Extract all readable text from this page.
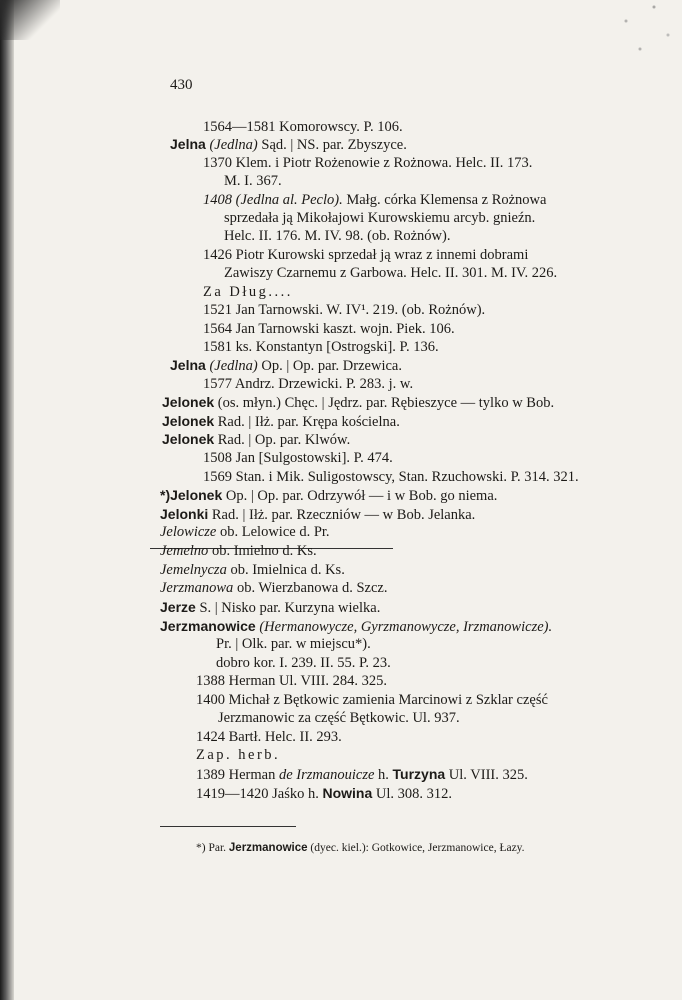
430
1564—1581 Komorowscy. P. 106.
Jelna (Jedlna) Sąd. | NS. par. Zbyszyce.
1370 Klem. i Piotr Rożenowie z Rożnowa. Helc. II. 173.
M. I. 367.
1408 (Jedlna al. Peclo). Małg. córka Klemensa z Rożnowa
sprzedała ją Mikołajowi Kurowskiemu arcyb. gnieźn.
Helc. II. 176. M. IV. 98. (ob. Rożnów).
1426 Piotr Kurowski sprzedał ją wraz z innemi dobrami
Zawiszy Czarnemu z Garbowa. Helc. II. 301. M. IV. 226.
Za Dług....
1521 Jan Tarnowski. W. IV¹. 219. (ob. Rożnów).
1564 Jan Tarnowski kaszt. wojn. Piek. 106.
1581 ks. Konstantyn [Ostrogski]. P. 136.
Jelna (Jedlna) Op. | Op. par. Drzewica.
1577 Andrz. Drzewicki. P. 283. j. w.
Jelonek (os. młyn.) Chęc. | Jędrz. par. Rębieszyce — tylko w Bob.
Jelonek Rad. | Iłż. par. Krępa kościelna.
Jelonek Rad. | Op. par. Klwów.
1508 Jan [Sulgostowski]. P. 474.
1569 Stan. i Mik. Suligostowscy, Stan. Rzuchowski. P. 314. 321.
*)Jelonek Op. | Op. par. Odrzywół — i w Bob. go niema.
Jelonki Rad. | Iłż. par. Rzeczniów — w Bob. Jelanka.
Jelowicze ob. Lelowice d. Pr.
Jemelno ob. Imielno d. Ks.
Jemelnycza ob. Imielnica d. Ks.
Jerzmanowa ob. Wierzbanowa d. Szcz.
Jerze S. | Nisko par. Kurzyna wielka.
Jerzmanowice (Hermanowycze, Gyrzmanowycze, Irzmanowicze).
Pr. | Olk. par. w miejscu*).
dobro kor. I. 239. II. 55. P. 23.
1388 Herman Ul. VIII. 284. 325.
1400 Michał z Bętkowic zamienia Marcinowi z Szklar część
Jerzmanowic za część Bętkowic. Ul. 937.
1424 Bartł. Helc. II. 293.
Zap. herb.
1389 Herman de Irzmanouicze h. Turzyna Ul. VIII. 325.
1419—1420 Jaśko h. Nowina Ul. 308. 312.
*) Par. Jerzmanowice (dyec. kiel.): Gotkowice, Jerzmanowice, Łazy.
